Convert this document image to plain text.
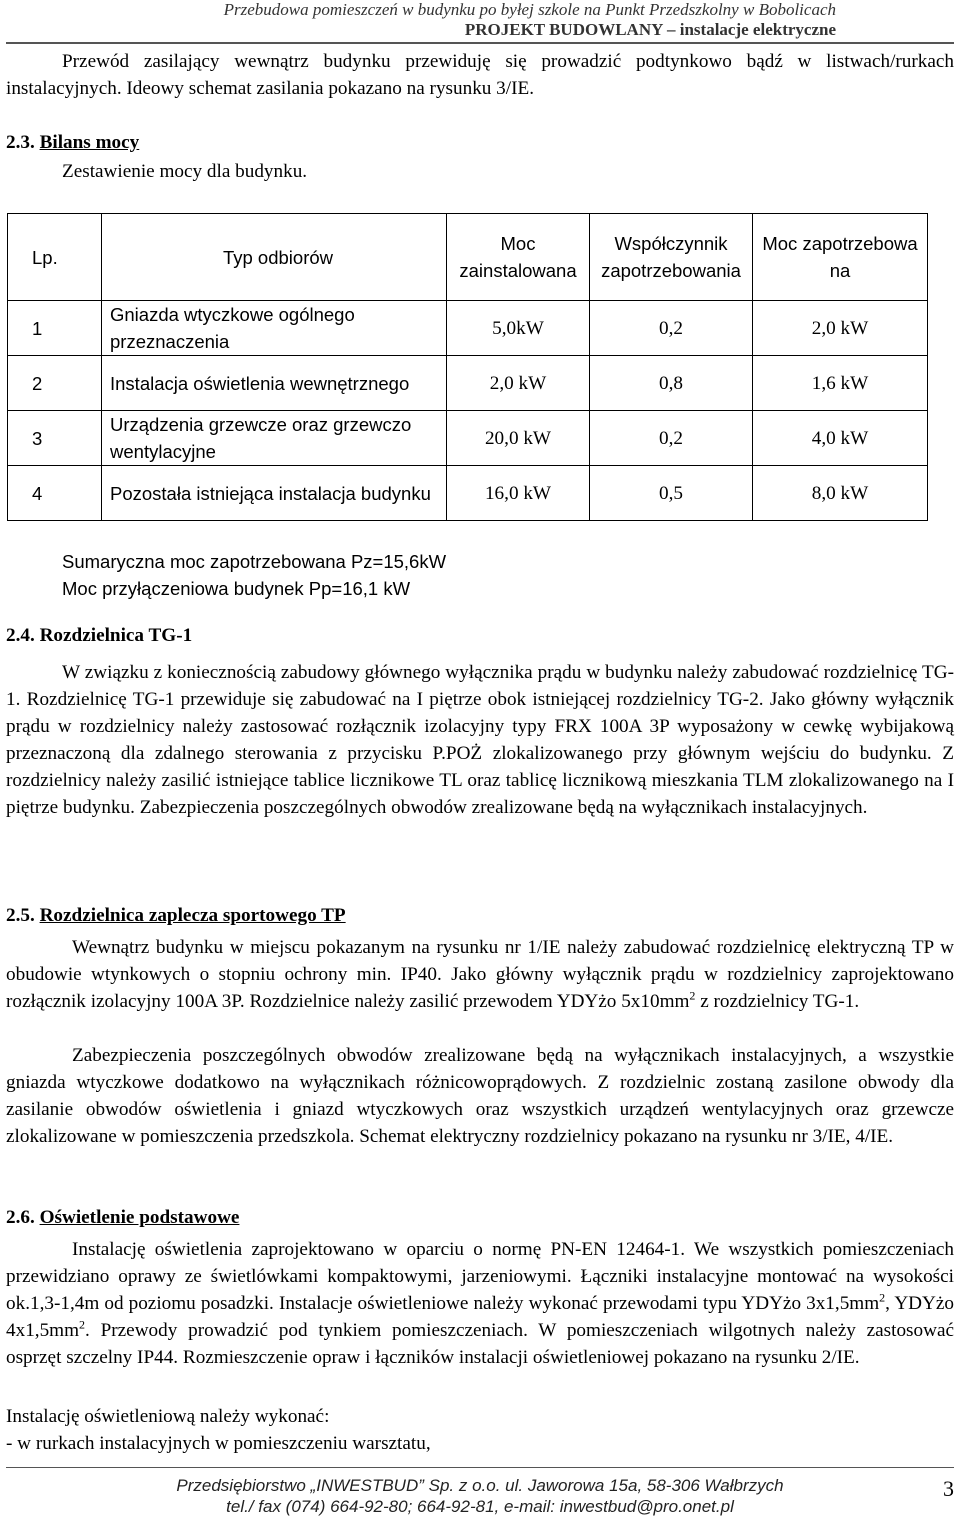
Przebudowa pomieszczeń w budynku po byłej szkole na Punkt Przedszkolny w Bobolicach
PROJEKT BUDOWLANY – instalacje elektryczne
Przewód zasilający wewnątrz budynku przewiduję się prowadzić podtynkowo bądź w listwach/rurkach instalacyjnych. Ideowy schemat zasilania pokazano na rysunku 3/IE.
2.3. Bilans mocy
Zestawienie mocy dla budynku.
Lp.	Typ odbiorów	Moc zainstalowana	Współczynnik zapotrzebowania	Moc zapotrzebowa na
1	Gniazda wtyczkowe ogólnego przeznaczenia	5,0kW	0,2	2,0 kW
2	Instalacja oświetlenia wewnętrznego	2,0 kW	0,8	1,6 kW
3	Urządzenia grzewcze oraz grzewczo wentylacyjne	20,0 kW	0,2	4,0 kW
4	Pozostała istniejąca instalacja budynku	16,0 kW	0,5	8,0 kW
Sumaryczna moc zapotrzebowana Pz=15,6kW
Moc przyłączeniowa budynek Pp=16,1 kW
2.4. Rozdzielnica TG-1
W związku z koniecznością zabudowy głównego wyłącznika prądu w budynku należy zabudować rozdzielnicę TG-1. Rozdzielnicę TG-1 przewiduje się zabudować na I piętrze obok istniejącej rozdzielnicy TG-2. Jako główny wyłącznik prądu w rozdzielnicy należy zastosować rozłącznik izolacyjny typy FRX 100A 3P wyposażony w cewkę wybijakową przeznaczoną dla zdalnego sterowania z przycisku P.POŻ zlokalizowanego przy głównym wejściu do budynku. Z rozdzielnicy należy zasilić istniejące tablice licznikowe TL oraz tablicę licznikową mieszkania TLM zlokalizowanego na I piętrze budynku. Zabezpieczenia poszczególnych obwodów zrealizowane będą na wyłącznikach instalacyjnych.
2.5. Rozdzielnica zaplecza sportowego TP
Wewnątrz budynku w miejscu pokazanym na rysunku nr 1/IE należy zabudować rozdzielnicę elektryczną TP w obudowie wtynkowych o stopniu ochrony min. IP40. Jako główny wyłącznik prądu w rozdzielnicy zaprojektowano rozłącznik izolacyjny 100A 3P. Rozdzielnice należy zasilić przewodem YDYżo $5x10mm^2$ z rozdzielnicy TG-1.
Zabezpieczenia poszczególnych obwodów zrealizowane będą na wyłącznikach instalacyjnych, a wszystkie gniazda wtyczkowe dodatkowo na wyłącznikach różnicowoprądowych. Z rozdzielnic zostaną zasilone obwody dla zasilanie obwodów oświetlenia i gniazd wtyczkowych oraz wszystkich urządzeń wentylacyjnych oraz grzewcze zlokalizowane w pomieszczenia przedszkola. Schemat elektryczny rozdzielnicy pokazano na rysunku nr 3/IE, 4/IE.
2.6. Oświetlenie podstawowe
Instalację oświetlenia zaprojektowano w oparciu o normę PN-EN 12464-1. We wszystkich pomieszczeniach przewidziano oprawy ze świetlówkami kompaktowymi, jarzeniowymi. Łączniki instalacyjne montować na wysokości ok.1,3-1,4m od poziomu posadzki. Instalacje oświetleniowe należy wykonać przewodami typu YDYżo $3x1,5mm^2$, YDYżo $4x1,5mm^2$. Przewody prowadzić pod tynkiem pomieszczeniach. W pomieszczeniach wilgotnych należy zastosować osprzęt szczelny IP44. Rozmieszczenie opraw i łączników instalacji oświetleniowej pokazano na rysunku 2/IE.
Instalację oświetleniową należy wykonać:
- w rurkach instalacyjnych w pomieszczeniu warsztatu,
Przedsiębiorstwo „INWESTBUD” Sp. z o.o. ul. Jaworowa 15a, 58-306 Wałbrzych
tel./ fax (074) 664-92-80; 664-92-81, e-mail: inwestbud@pro.onet.pl
3
